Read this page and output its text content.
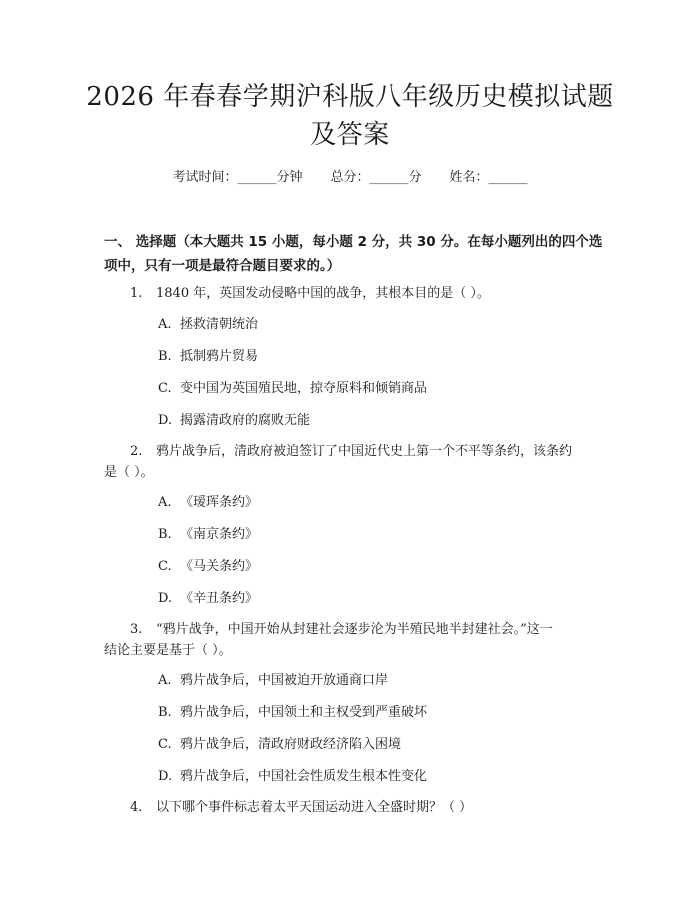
2026 年春春学期沪科版八年级历史模拟试题
及答案
考试时间：______分钟 总分：______分 姓名：______
一、 选择题（本大题共 15 小题，每小题 2 分，共 30 分。在每小题列出的四个选
项中，只有一项是最符合题目要求的。）
1. 1840 年，英国发动侵略中国的战争，其根本目的是（ ）。
A. 拯救清朝统治
B. 抵制鸦片贸易
C. 变中国为英国殖民地，掠夺原料和倾销商品
D. 揭露清政府的腐败无能
2. 鸦片战争后，清政府被迫签订了中国近代史上第一个不平等条约，该条约
是（ ）。
A. 《瑷珲条约》
B. 《南京条约》
C. 《马关条约》
D. 《辛丑条约》
3. “鸦片战争，中国开始从封建社会逐步沦为半殖民地半封建社会。”这一
结论主要是基于（ ）。
A. 鸦片战争后，中国被迫开放通商口岸
B. 鸦片战争后，中国领土和主权受到严重破坏
C. 鸦片战争后，清政府财政经济陷入困境
D. 鸦片战争后，中国社会性质发生根本性变化
4. 以下哪个事件标志着太平天国运动进入全盛时期？（ ）
